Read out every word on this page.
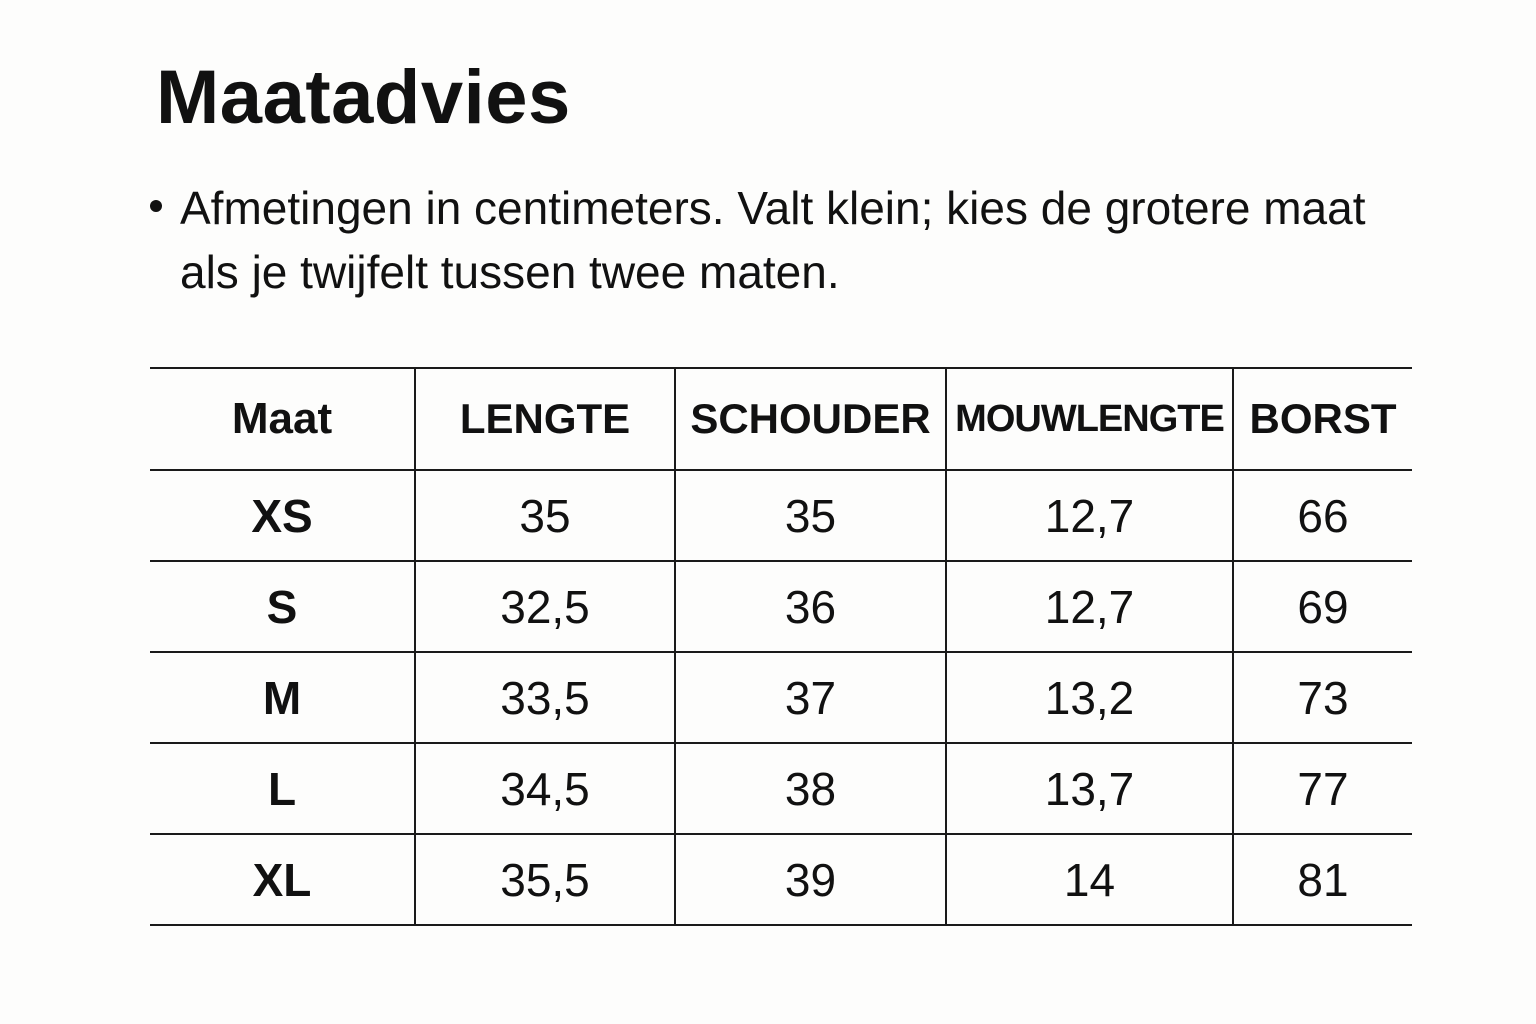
Maatadvies
Afmetingen in centimeters. Valt klein; kies de grotere maat als je twijfelt tussen twee maten.
Maat	LENGTE	SCHOUDER	MOUWLENGTE	BORST
XS	35	35	12,7	66
S	32,5	36	12,7	69
M	33,5	37	13,2	73
L	34,5	38	13,7	77
XL	35,5	39	14	81
